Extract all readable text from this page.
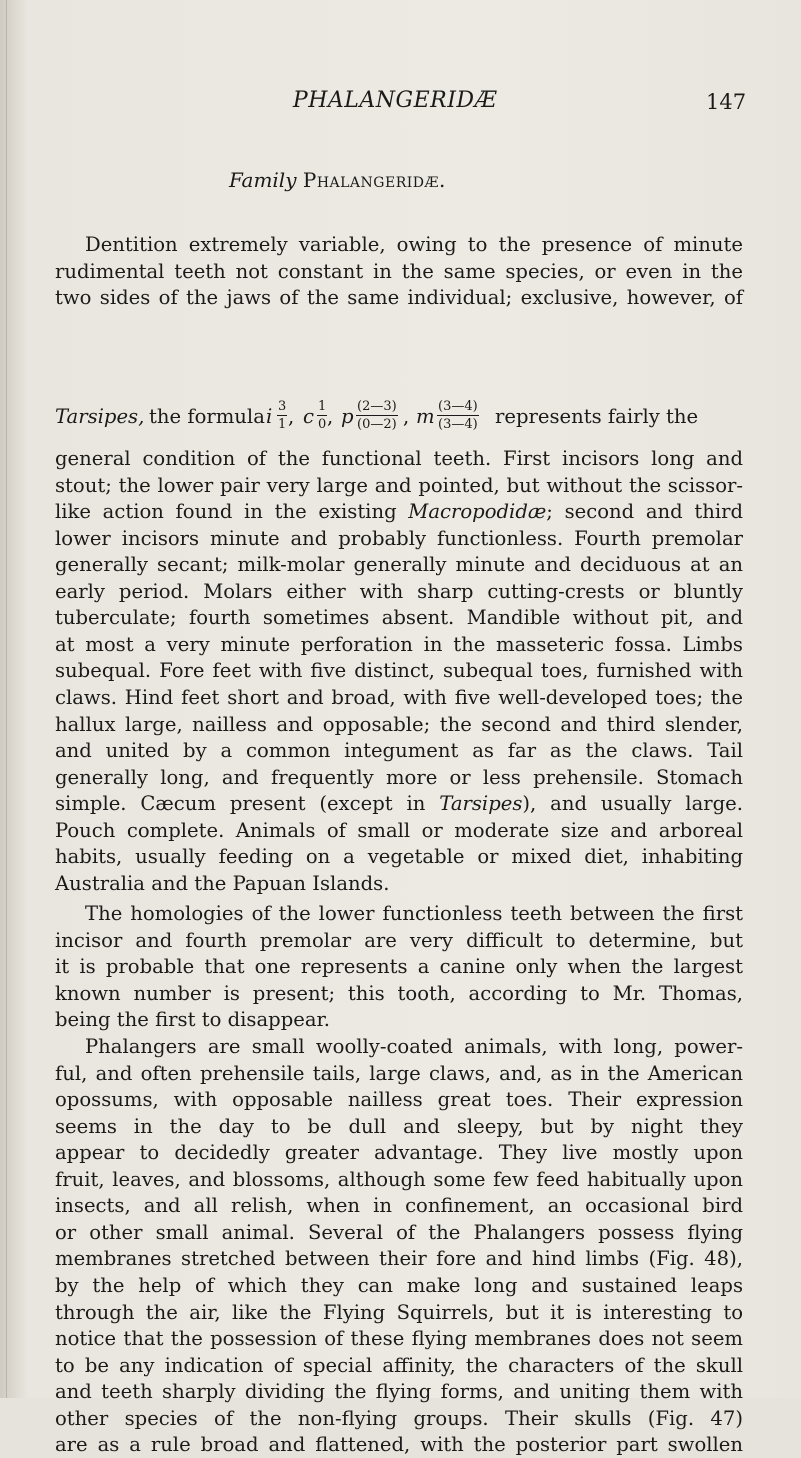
PHALANGERIDÆ	147
Family Phalangeridæ.
Dentition extremely variable, owing to the presence of minute
rudimental teeth not constant in the same species, or even in the
two sides of the jaws of the same individual; exclusive, however, of
Tarsipes, the formula i 3
1 , c 1
0 , p (2—3)
(0—2) , m (3—4)
(3—4) represents fairly the
general condition of the functional teeth. First incisors long and
stout; the lower pair very large and pointed, but without the scissor-
like action found in the existing Macropodidæ; second and third
lower incisors minute and probably functionless. Fourth premolar
generally secant; milk-molar generally minute and deciduous at an
early period. Molars either with sharp cutting-crests or bluntly
tuberculate; fourth sometimes absent. Mandible without pit, and
at most a very minute perforation in the masseteric fossa. Limbs
subequal. Fore feet with five distinct, subequal toes, furnished with
claws. Hind feet short and broad, with five well-developed toes; the
hallux large, nailless and opposable; the second and third slender,
and united by a common integument as far as the claws. Tail
generally long, and frequently more or less prehensile. Stomach
simple. Cæcum present (except in Tarsipes), and usually large.
Pouch complete. Animals of small or moderate size and arboreal
habits, usually feeding on a vegetable or mixed diet, inhabiting
Australia and the Papuan Islands.
The homologies of the lower functionless teeth between the first
incisor and fourth premolar are very difficult to determine, but
it is probable that one represents a canine only when the largest
known number is present; this tooth, according to Mr. Thomas,
being the first to disappear.
Phalangers are small woolly-coated animals, with long, power-
ful, and often prehensile tails, large claws, and, as in the American
opossums, with opposable nailless great toes. Their expression
seems in the day to be dull and sleepy, but by night they
appear to decidedly greater advantage. They live mostly upon
fruit, leaves, and blossoms, although some few feed habitually upon
insects, and all relish, when in confinement, an occasional bird
or other small animal. Several of the Phalangers possess flying
membranes stretched between their fore and hind limbs (Fig. 48),
by the help of which they can make long and sustained leaps
through the air, like the Flying Squirrels, but it is interesting to
notice that the possession of these flying membranes does not seem
to be any indication of special affinity, the characters of the skull
and teeth sharply dividing the flying forms, and uniting them with
other species of the non-flying groups. Their skulls (Fig. 47)
are as a rule broad and flattened, with the posterior part swollen
